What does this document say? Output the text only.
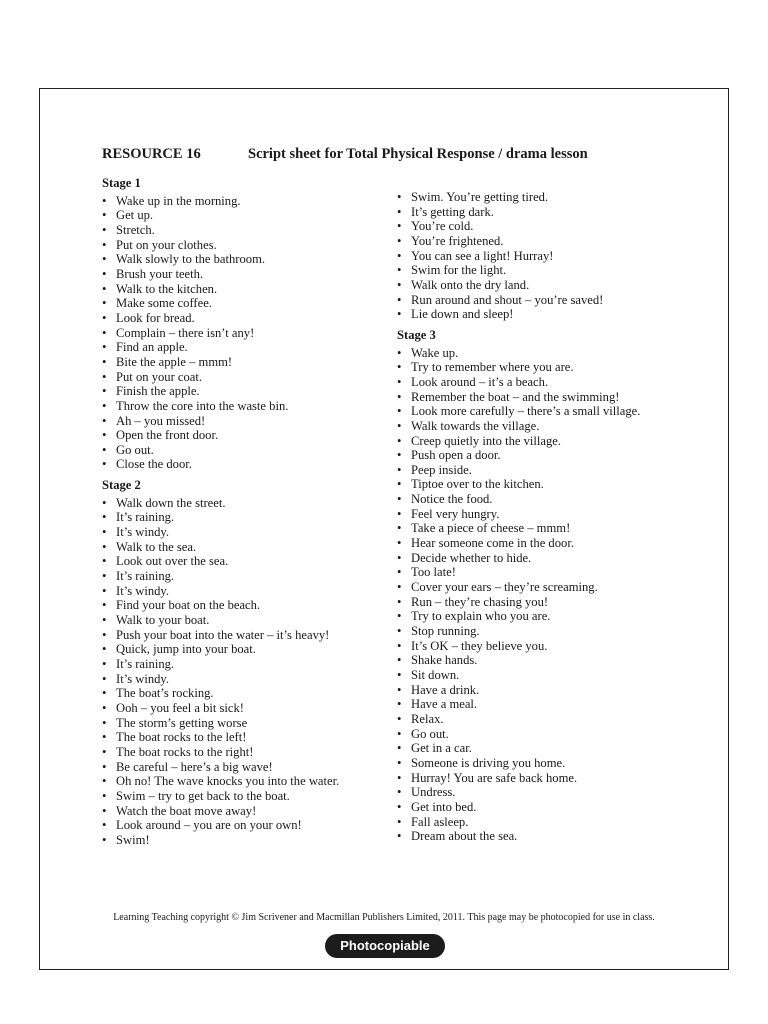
RESOURCE 16	Script sheet for Total Physical Response / drama lesson
Stage 1
• Wake up in the morning.
• Get up.
• Stretch.
• Put on your clothes.
• Walk slowly to the bathroom.
• Brush your teeth.
• Walk to the kitchen.
• Make some coffee.
• Look for bread.
• Complain – there isn’t any!
• Find an apple.
• Bite the apple – mmm!
• Put on your coat.
• Finish the apple.
• Throw the core into the waste bin.
• Ah – you missed!
• Open the front door.
• Go out.
• Close the door.
Stage 2
• Walk down the street.
• It’s raining.
• It’s windy.
• Walk to the sea.
• Look out over the sea.
• It’s raining.
• It’s windy.
• Find your boat on the beach.
• Walk to your boat.
• Push your boat into the water – it’s heavy!
• Quick, jump into your boat.
• It’s raining.
• It’s windy.
• The boat’s rocking.
• Ooh – you feel a bit sick!
• The storm’s getting worse
• The boat rocks to the left!
• The boat rocks to the right!
• Be careful – here’s a big wave!
• Oh no! The wave knocks you into the water.
• Swim – try to get back to the boat.
• Watch the boat move away!
• Look around – you are on your own!
• Swim!
• Swim. You’re getting tired.
• It’s getting dark.
• You’re cold.
• You’re frightened.
• You can see a light! Hurray!
• Swim for the light.
• Walk onto the dry land.
• Run around and shout – you’re saved!
• Lie down and sleep!
Stage 3
• Wake up.
• Try to remember where you are.
• Look around – it’s a beach.
• Remember the boat – and the swimming!
• Look more carefully – there’s a small village.
• Walk towards the village.
• Creep quietly into the village.
• Push open a door.
• Peep inside.
• Tiptoe over to the kitchen.
• Notice the food.
• Feel very hungry.
• Take a piece of cheese – mmm!
• Hear someone come in the door.
• Decide whether to hide.
• Too late!
• Cover your ears – they’re screaming.
• Run – they’re chasing you!
• Try to explain who you are.
• Stop running.
• It’s OK – they believe you.
• Shake hands.
• Sit down.
• Have a drink.
• Have a meal.
• Relax.
• Go out.
• Get in a car.
• Someone is driving you home.
• Hurray! You are safe back home.
• Undress.
• Get into bed.
• Fall asleep.
• Dream about the sea.
Learning Teaching copyright © Jim Scrivener and Macmillan Publishers Limited, 2011. This page may be photocopied for use in class.
Photocopiable
